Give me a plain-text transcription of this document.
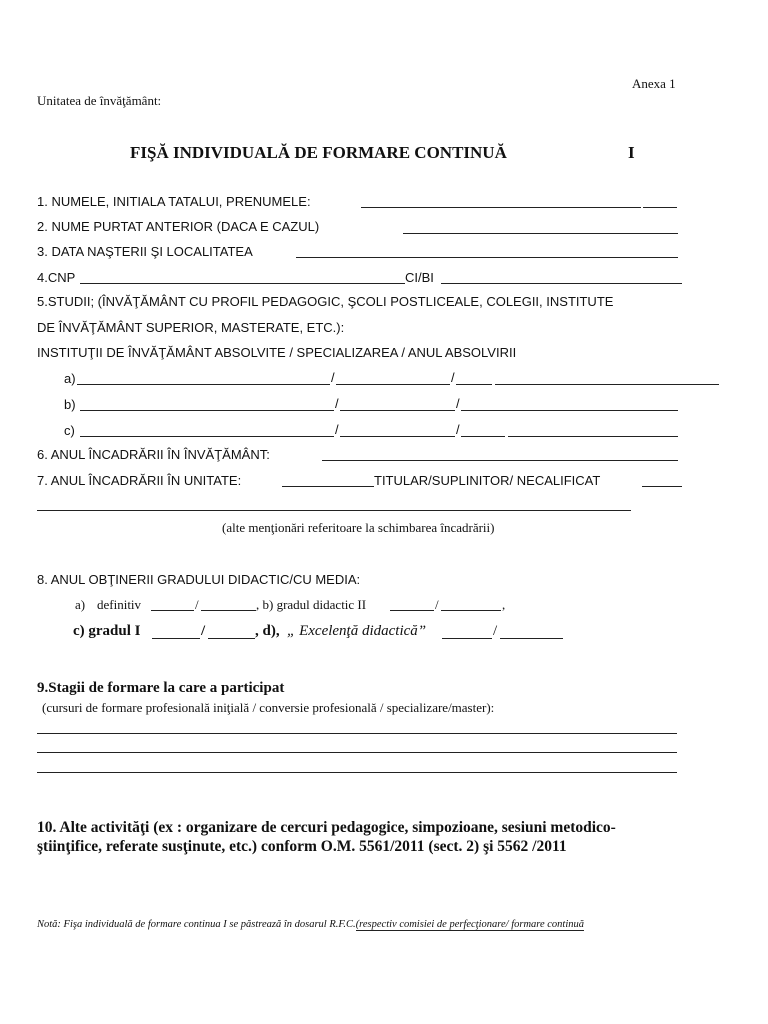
Anexa 1
Unitatea de învăţământ:
FIŞĂ INDIVIDUALĂ DE FORMARE CONTINUĂ	I
1. NUMELE, INITIALA TATALUI, PRENUMELE:
2. NUME PURTAT ANTERIOR (DACA E CAZUL)
3. DATA NAŞTERII ŞI LOCALITATEA
4.CNP	CI/BI
5.STUDII; (ÎNVĂŢĂMÂNT CU PROFIL PEDAGOGIC, ŞCOLI POSTLICEALE, COLEGII, INSTITUTE
DE ÎNVĂŢĂMÂNT SUPERIOR, MASTERATE, ETC.):
INSTITUŢII DE ÎNVĂŢĂMÂNT ABSOLVITE / SPECIALIZAREA / ANUL ABSOLVIRII
a)	/	/
b)	/	/
c)	/	/
6. ANUL ÎNCADRĂRII ÎN ÎNVĂŢĂMÂNT:
7. ANUL ÎNCADRĂRII ÎN UNITATE:	TITULAR/SUPLINITOR/ NECALIFICAT
(alte menţionări referitoare la schimbarea încadrării)
8. ANUL OBŢINERII GRADULUI DIDACTIC/CU MEDIA:
a) definitiv	/	, b) gradul didactic II	/	,
c) gradul I	/	, d), „ Excelenţă didactică”	/
9.Stagii de formare la care a participat
(cursuri de formare profesională iniţială / conversie profesională / specializare/master):
10. Alte activităţi (ex : organizare de cercuri pedagogice, simpozioane, sesiuni metodico-
ştiinţifice, referate susţinute, etc.) conform O.M. 5561/2011 (sect. 2) şi 5562 /2011
Notă: Fişa individuală de formare continua I se păstrează în dosarul R.F.C.(respectiv comisiei de perfecţionare/ formare continuă
